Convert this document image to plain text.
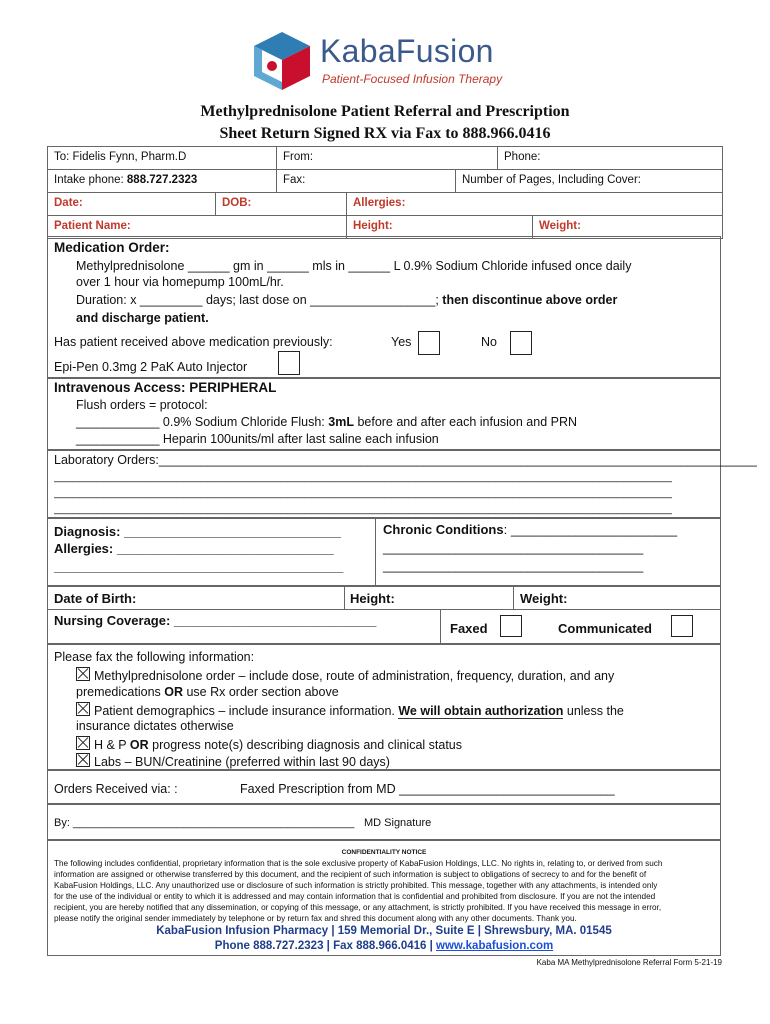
KabaFusion
Patient-Focused Infusion Therapy
Methylprednisolone Patient Referral and Prescription
Sheet Return Signed RX via Fax to 888.966.0416
To: Fidelis Fynn, Pharm.D	From:	Phone:
Intake phone: 888.727.2323	Fax:	Number of Pages, Including Cover:
Date:	DOB:	Allergies:
Patient Name:	Height:	Weight:
Medication Order:
Methylprednisolone ______ gm in ______ mls in ______ L 0.9% Sodium Chloride infused once daily
over 1 hour via homepump 100mL/hr.
Duration: x _________ days; last dose on __________________; then discontinue above order
and discharge patient.
Has patient received above medication previously:	Yes	No
Epi-Pen 0.3mg 2 PaK Auto Injector
Intravenous Access: PERIPHERAL
Flush orders = protocol:
____________ 0.9% Sodium Chloride Flush: 3mL before and after each infusion and PRN
____________ Heparin 100units/ml after last saline each infusion
Laboratory Orders:______________________________________________________________________________________
_____________________________________________________________________________________________________
_____________________________________________________________________________________________________
_____________________________________________________________________________________________________
Diagnosis: ______________________________
Allergies: ______________________________
________________________________________
Chronic Conditions: _______________________
____________________________________
____________________________________
Date of Birth:	Height:	Weight:
Nursing Coverage: ____________________________
Faxed	Communicated
Please fax the following information:
Methylprednisolone order – include dose, route of administration, frequency, duration, and any
premedications OR use Rx order section above
Patient demographics – include insurance information. We will obtain authorization unless the
insurance dictates otherwise
H & P OR progress note(s) describing diagnosis and clinical status
Labs – BUN/Creatinine (preferred within last 90 days)
Orders Received via: :	Faxed Prescription from MD _______________________________
By: ______________________________________________ MD Signature
CONFIDENTIALITY NOTICE
The following includes confidential, proprietary information that is the sole exclusive property of KabaFusion Holdings, LLC. No rights in, relating to, or derived from such
information are assigned or otherwise transferred by this document, and the recipient of such information is subject to obligations of secrecy to and for the benefit of
KabaFusion Holdings, LLC. Any unauthorized use or disclosure of such information is strictly prohibited. This message, together with any attachments, is intended only
for the use of the individual or entity to which it is addressed and may contain information that is confidential and prohibited from disclosure. If you are not the intended
recipient, you are hereby notified that any dissemination, or copying of this message, or any attachment, is strictly prohibited. If you have received this message in error,
please notify the original sender immediately by telephone or by return fax and shred this document along with any other documents. Thank you.
KabaFusion Infusion Pharmacy | 159 Memorial Dr., Suite E | Shrewsbury, MA. 01545
Phone 888.727.2323 | Fax 888.966.0416 | www.kabafusion.com
Kaba MA Methylprednisolone Referral Form 5-21-19
